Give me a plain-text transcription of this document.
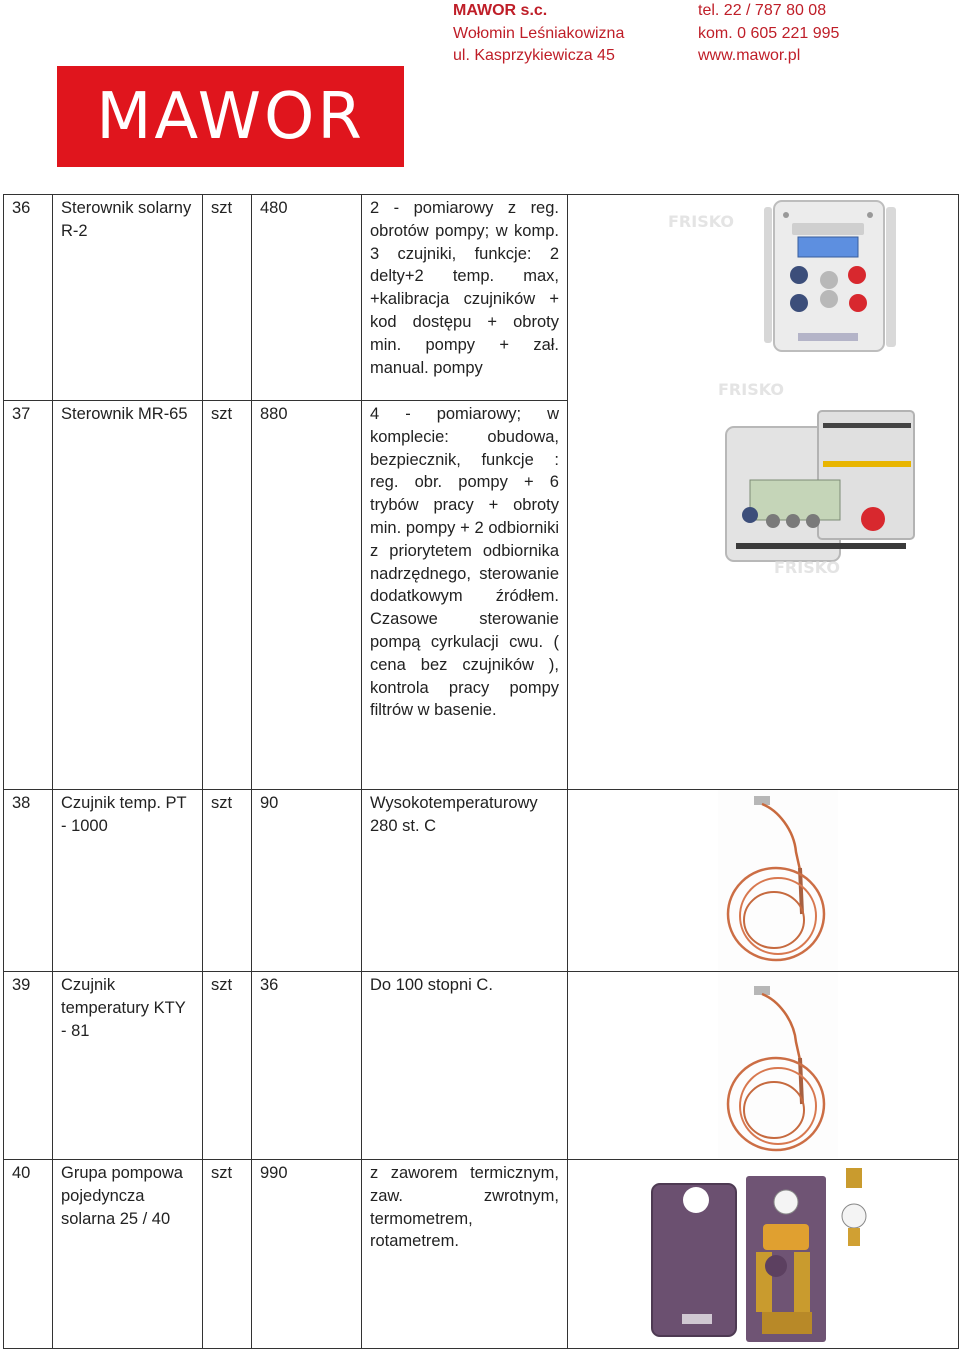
MAWOR s.c.
Wołomin Leśniakowizna
ul. Kasprzykiewicza 45
tel. 22 / 787 80 08
kom. 0 605 221 995
www.mawor.pl
MAWOR
36	Sterownik solarny R-2	szt	480	2 - pomiarowy z reg. obrotów pompy; w komp. 3 czujniki, funkcje: 2 delty+2 temp. max, +kalibracja czujników + kod dostępu + obroty min. pompy + zał. manual. pompy	FRISKO
FRISKO
FRISKO

37	Sterownik MR-65	szt	880	4 - pomiarowy; w komplecie: obudowa, bezpiecznik, funkcje : reg. obr. pompy + 6 trybów pracy + obroty min. pompy + 2 odbiorniki z priorytetem odbiornika nadrzędnego, sterowanie dodatkowym źródłem. Czasowe sterowanie pompą cyrkulacji cwu. ( cena bez czujników ), kontrola pracy pompy filtrów w basenie.	
38	Czujnik temp. PT - 1000	szt	90	Wysokotemperaturowy 280 st. C	

39	Czujnik temperatury KTY - 81	szt	36	Do 100 stopni C.	

40	Grupa pompowa pojedyncza solarna 25 / 40	szt	990	z zaworem termicznym, zaw. zwrotnym, termometrem, rotametrem.	
